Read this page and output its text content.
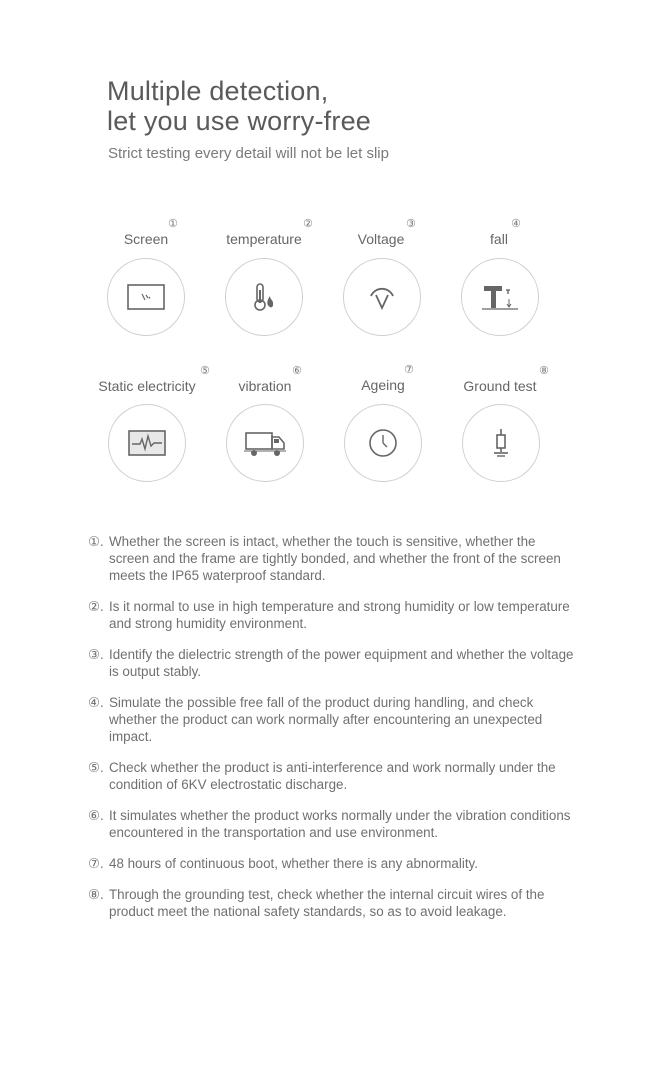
Multiple detection,
let you use worry-free

Strict testing every detail will not be let slip

Screen
①
temperature
②
Voltage
③
fall
④
Static electricity
⑤
vibration
⑥
Ageing
⑦
Ground test
⑧

①. Whether the screen is intact, whether the touch is sensitive, whether the screen and the frame are tightly bonded, and whether the front of the screen meets the IP65 waterproof standard.

②. Is it normal to use in high temperature and strong humidity or low temperature and strong humidity environment.

③. Identify the dielectric strength of the power equipment and whether the voltage is output stably.

④. Simulate the possible free fall of the product during handling, and check whether the product can work normally after encountering an unexpected impact.

⑤. Check whether the product is anti-interference and work normally under the condition of 6KV electrostatic discharge.

⑥. It simulates whether the product works normally under the vibration conditions encountered in the transportation and use environment.

⑦. 48 hours of continuous boot, whether there is any abnormality.

⑧. Through the grounding test, check whether the internal circuit wires of the product meet the national safety standards, so as to avoid leakage.
